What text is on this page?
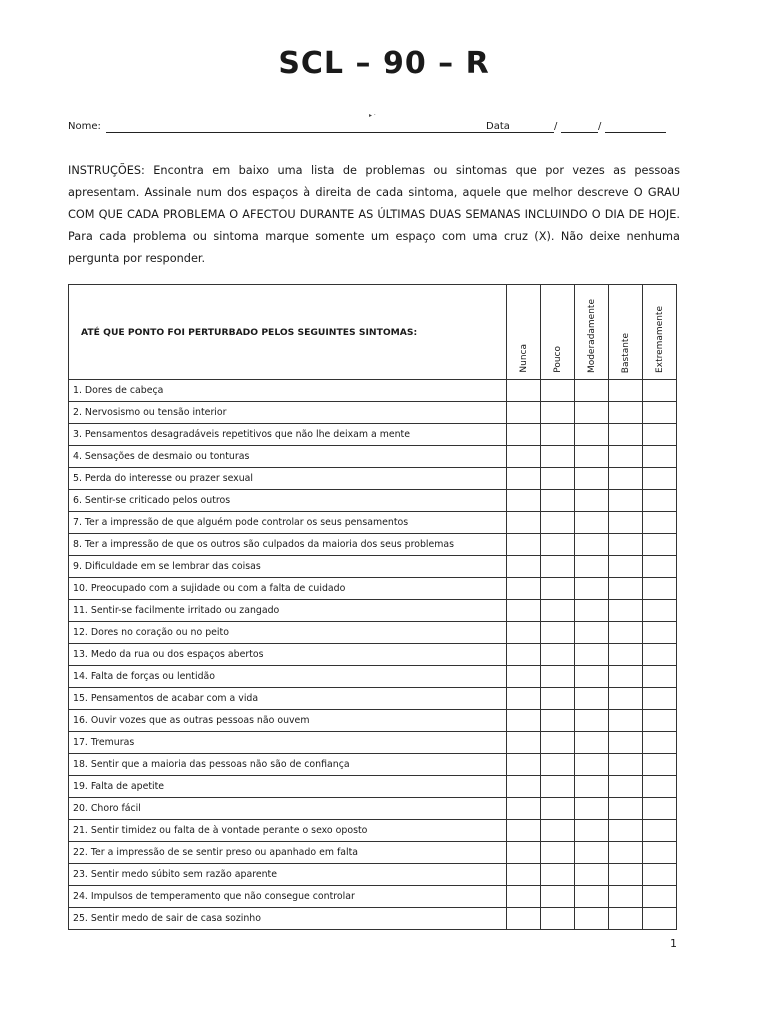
SCL – 90 – R
▸ ·
Nome:	Data	/	/

INSTRUÇÕES: Encontra em baixo uma lista de problemas ou sintomas que por vezes as pessoas apresentam. Assinale num dos espaços à direita de cada sintoma, aquele que melhor descreve O GRAU COM QUE CADA PROBLEMA O AFECTOU DURANTE AS ÚLTIMAS DUAS SEMANAS INCLUINDO O DIA DE HOJE. Para cada problema ou sintoma marque somente um espaço com uma cruz (X). Não deixe nenhuma pergunta por responder.

ATÉ QUE PONTO FOI PERTURBADO PELOS SEGUINTES SINTOMAS:	Nunca	Pouco	Moderadamente	Bastante	Extremamente

1. Dores de cabeça					
2. Nervosismo ou tensão interior					
3. Pensamentos desagradáveis repetitivos que não lhe deixam a mente					
4. Sensações de desmaio ou tonturas					
5. Perda do interesse ou prazer sexual					
6. Sentir-se criticado pelos outros					
7. Ter a impressão de que alguém pode controlar os seus pensamentos					
8. Ter a impressão de que os outros são culpados da maioria dos seus problemas					
9. Dificuldade em se lembrar das coisas					
10. Preocupado com a sujidade ou com a falta de cuidado					
11. Sentir-se facilmente irritado ou zangado					
12. Dores no coração ou no peito					
13. Medo da rua ou dos espaços abertos					
14. Falta de forças ou lentidão					
15. Pensamentos de acabar com a vida					
16. Ouvir vozes que as outras pessoas não ouvem					
17. Tremuras					
18. Sentir que a maioria das pessoas não são de confiança					
19. Falta de apetite					
20. Choro fácil					
21. Sentir timidez ou falta de à vontade perante o sexo oposto					
22. Ter a impressão de se sentir preso ou apanhado em falta					
23. Sentir medo súbito sem razão aparente					
24. Impulsos de temperamento que não consegue controlar					
25. Sentir medo de sair de casa sozinho					
1
